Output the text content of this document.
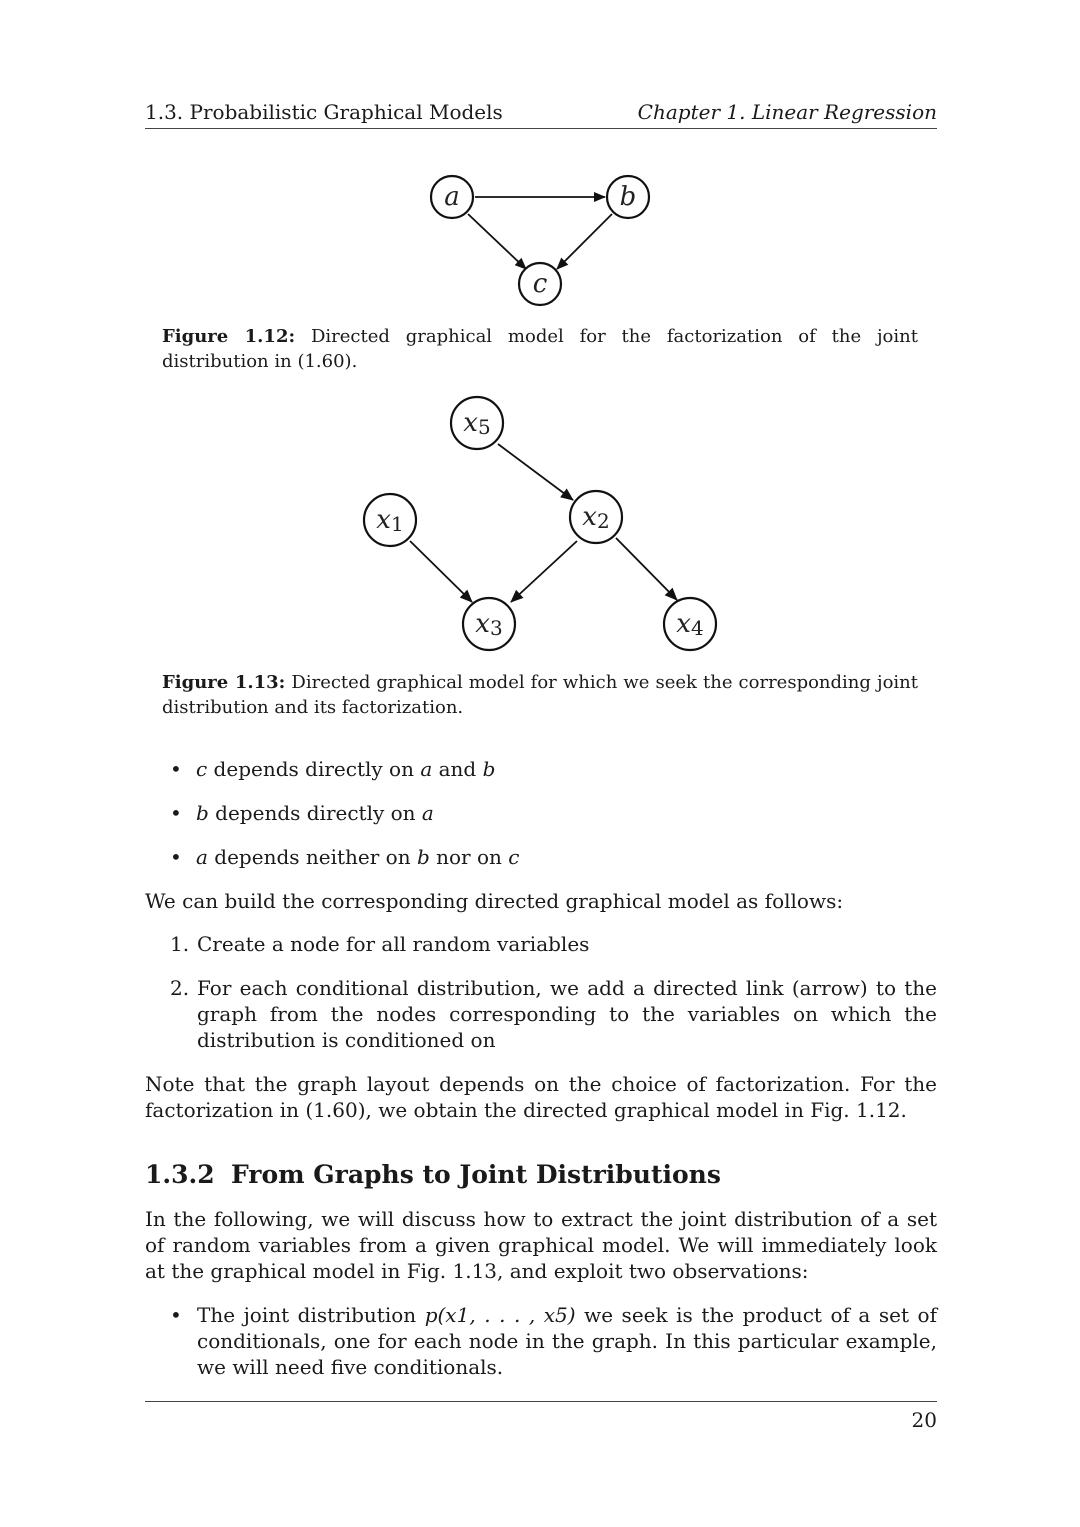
1.3. Probabilistic Graphical Models	Chapter 1. Linear Regression
a	b
c
Figure 1.12: Directed graphical model for the factorization of the joint distribution in (1.60).
x5
x1	x2
x3	x4
Figure 1.13: Directed graphical model for which we seek the corresponding joint distribution and its factorization.
• c depends directly on a and b
• b depends directly on a
• a depends neither on b nor on c
We can build the corresponding directed graphical model as follows:
1. Create a node for all random variables
2. For each conditional distribution, we add a directed link (arrow) to the graph from the nodes corresponding to the variables on which the distribution is conditioned on
Note that the graph layout depends on the choice of factorization. For the factorization in (1.60), we obtain the directed graphical model in Fig. 1.12.
1.3.2 From Graphs to Joint Distributions
In the following, we will discuss how to extract the joint distribution of a set of random variables from a given graphical model. We will immediately look at the graphical model in Fig. 1.13, and exploit two observations:
• The joint distribution p(x1, . . . , x5) we seek is the product of a set of conditionals, one for each node in the graph. In this particular example, we will need five conditionals.
20
